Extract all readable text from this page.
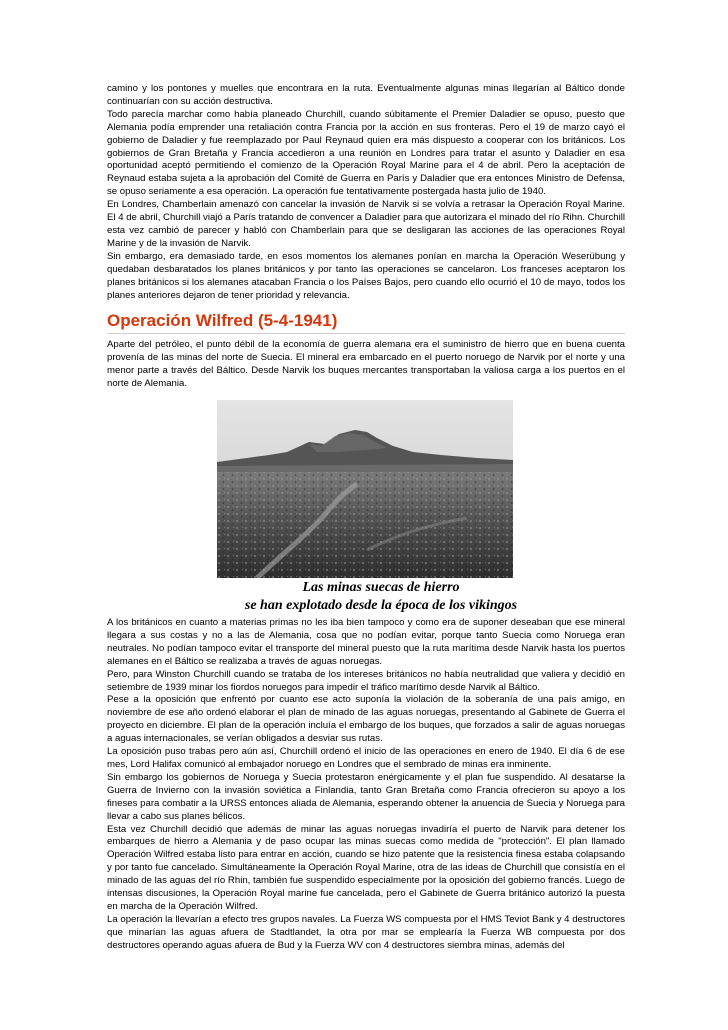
camino y los pontones y muelles que encontrara en la ruta. Eventualmente algunas minas llegarían al Báltico donde continuarían con su acción destructiva.

Todo parecía marchar como había planeado Churchill, cuando súbitamente el Premier Daladier se opuso, puesto que Alemania podía emprender una retaliación contra Francia por la acción en sus fronteras. Pero el 19 de marzo cayó el gobierno de Daladier y fue reemplazado por Paul Reynaud quien era más dispuesto a cooperar con los británicos. Los gobiernos de Gran Bretaña y Francia accedieron a una reunión en Londres para tratar el asunto y Daladier en esa oportunidad aceptó permitiendo el comienzo de la Operación Royal Marine para el 4 de abril. Pero la aceptación de Reynaud estaba sujeta a la aprobación del Comité de Guerra en París y Daladier que era entonces Ministro de Defensa, se opuso seriamente a esa operación. La operación fue tentativamente postergada hasta julio de 1940.

En Londres, Chamberlain amenazó con cancelar la invasión de Narvik si se volvía a retrasar la Operación Royal Marine. El 4 de abril, Churchill viajó a París tratando de convencer a Daladier para que autorizara el minado del río Rihn. Churchill esta vez cambió de parecer y habló con Chamberlain para que se desligaran las acciones de las operaciones Royal Marine y de la invasión de Narvik.

Sin embargo, era demasiado tarde, en esos momentos los alemanes ponían en marcha la Operación Weserübung y quedaban desbaratados los planes británicos y por tanto las operaciones se cancelaron. Los franceses aceptaron los planes británicos si los alemanes atacaban Francia o los Países Bajos, pero cuando ello ocurrió el 10 de mayo, todos los planes anteriores dejaron de tener prioridad y relevancia.

Operación Wilfred (5-4-1941)

Aparte del petróleo, el punto débil de la economía de guerra alemana era el suministro de hierro que en buena cuenta provenía de las minas del norte de Suecia. El mineral era embarcado en el puerto noruego de Narvik por el norte y una menor parte a través del Báltico. Desde Narvik los buques mercantes transportaban la valiosa carga a los puertos en el norte de Alemania.

Las minas suecas de hierro
se han explotado desde la época de los vikingos

A los británicos en cuanto a materias primas no les iba bien tampoco y como era de suponer deseaban que ese mineral llegara a sus costas y no a las de Alemania, cosa que no podían evitar, porque tanto Suecia como Noruega eran neutrales. No podían tampoco evitar el transporte del mineral puesto que la ruta marítima desde Narvik hasta los puertos alemanes en el Báltico se realizaba a través de aguas noruegas.

Pero, para Winston Churchill cuando se trataba de los intereses británicos no había neutralidad que valiera y decidió en setiembre de 1939 minar los fiordos noruegos para impedir el tráfico marítimo desde Narvik al Báltico.

Pese a la oposición que enfrentó por cuanto ese acto suponía la violación de la soberanía de una país amigo, en noviembre de ese año ordenó elaborar el plan de minado de las aguas noruegas, presentando al Gabinete de Guerra el proyecto en diciembre. El plan de la operación incluía el embargo de los buques, que forzados a salir de aguas noruegas a aguas internacionales, se verían obligados a desviar sus rutas.

La oposición puso trabas pero aún así, Churchill ordenó el inicio de las operaciones en enero de 1940. El día 6 de ese mes, Lord Halifax comunicó al embajador noruego en Londres que el sembrado de minas era inminente.

Sin embargo los gobiernos de Noruega y Suecia protestaron enérgicamente y el plan fue suspendido. Al desatarse la Guerra de Invierno con la invasión soviética a Finlandia, tanto Gran Bretaña como Francia ofrecieron su apoyo a los fineses para combatir a la URSS entonces aliada de Alemania, esperando obtener la anuencia de Suecia y Noruega para llevar a cabo sus planes bélicos.

Esta vez Churchill decidió que además de minar las aguas noruegas invadiría el puerto de Narvik para detener los embarques de hierro a Alemania y de paso ocupar las minas suecas como medida de "protección". El plan llamado Operación Wilfred estaba listo para entrar en acción, cuando se hizo patente que la resistencia finesa estaba colapsando y por tanto fue cancelado. Simultáneamente la Operación Royal Marine, otra de las ideas de Churchill que consistía en el minado de las aguas del río Rhin, también fue suspendido especialmente por la oposición del gobierno francés. Luego de intensas discusiones, la Operación Royal marine fue cancelada, pero el Gabinete de Guerra británico autorizó la puesta en marcha de la Operación Wilfred.

La operación la llevarían a efecto tres grupos navales. La Fuerza WS compuesta por el HMS Teviot Bank y 4 destructores que minarían las aguas afuera de Stadtlandet, la otra por mar se emplearía la Fuerza WB compuesta por dos destructores operando aguas afuera de Bud y la Fuerza WV con 4 destructores siembra minas, además del
